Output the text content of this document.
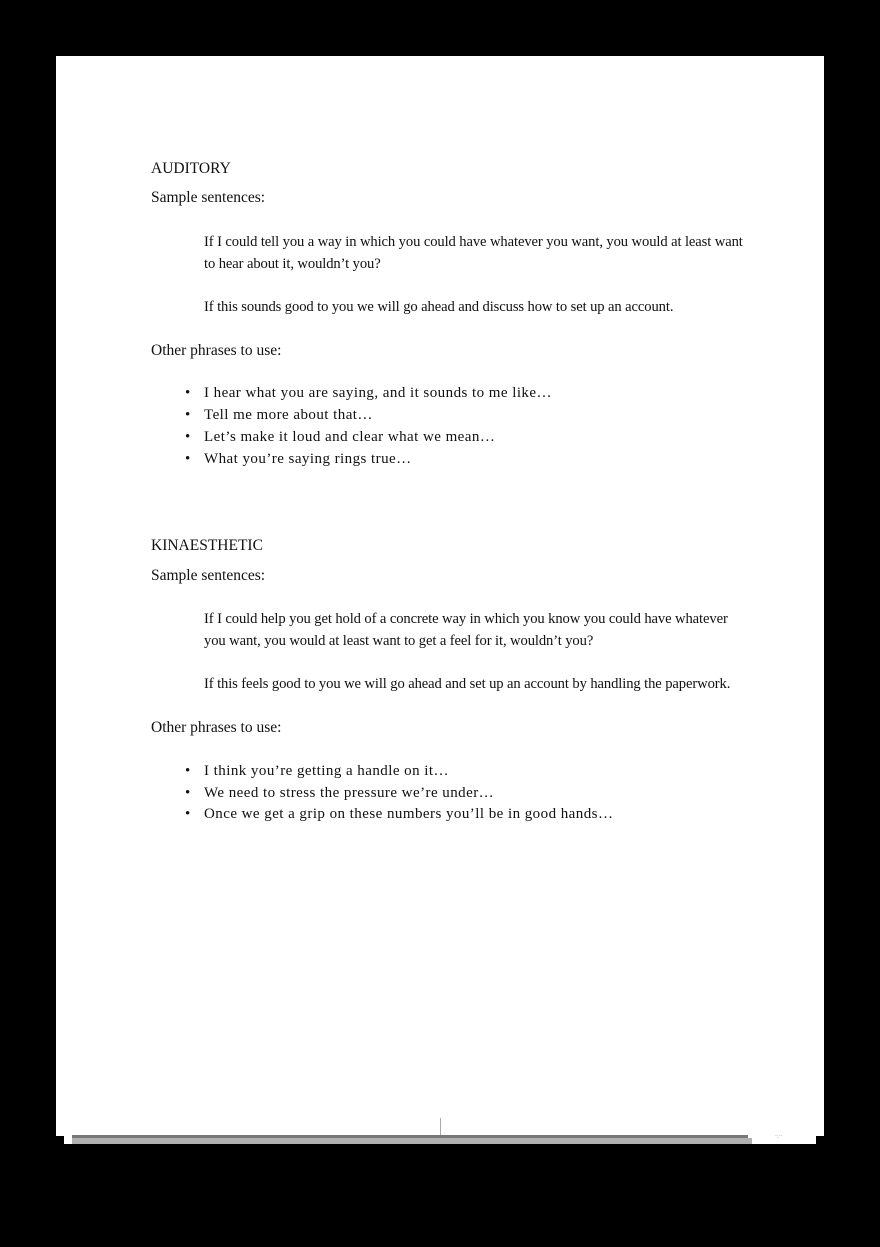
AUDITORY
Sample sentences:
If I could tell you a way in which you could have whatever you want, you would at least want
to hear about it, wouldn’t you?
If this sounds good to you we will go ahead and discuss how to set up an account.
Other phrases to use:
• I hear what you are saying, and it sounds to me like…
• Tell me more about that…
• Let’s make it loud and clear what we mean…
• What you’re saying rings true…
KINAESTHETIC
Sample sentences:
If I could help you get hold of a concrete way in which you know you could have whatever
you want, you would at least want to get a feel for it, wouldn’t you?
If this feels good to you we will go ahead and set up an account by handling the paperwork.
Other phrases to use:
• I think you’re getting a handle on it…
• We need to stress the pressure we’re under…
• Once we get a grip on these numbers you’ll be in good hands…
·:··
